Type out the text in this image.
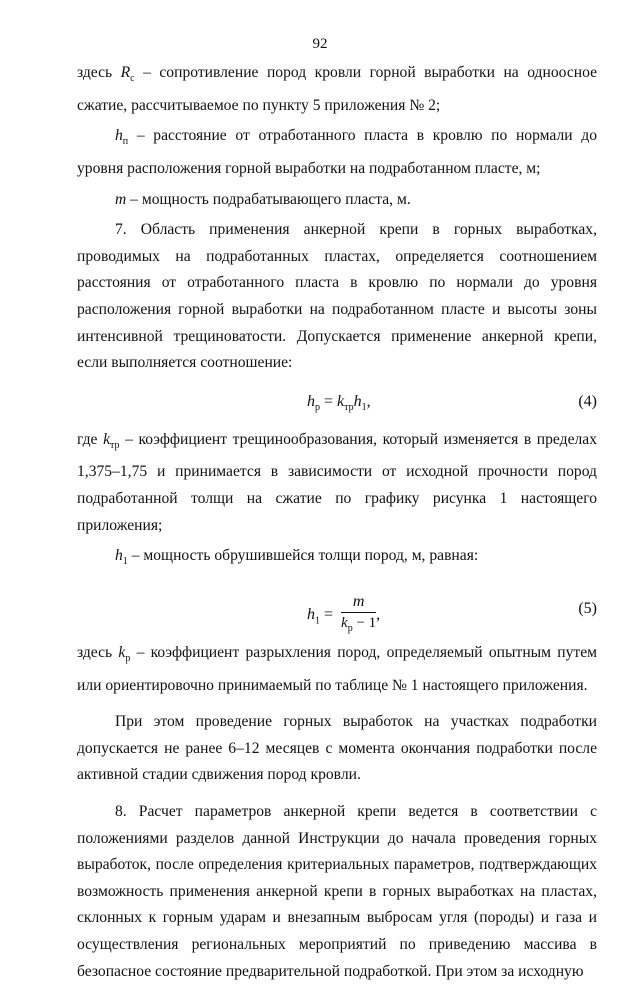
92

здесь $R_c$ – сопротивление пород кровли горной выработки на одноосное сжатие, рассчитываемое по пункту 5 приложения № 2;

$h_п$ – расстояние от отработанного пласта в кровлю по нормали до уровня расположения горной выработки на подработанном пласте, м;

m – мощность подрабатывающего пласта, м.

7. Область применения анкерной крепи в горных выработках, проводимых на подработанных пластах, определяется соотношением расстояния от отработанного пласта в кровлю по нормали до уровня расположения горной выработки на подработанном пласте и высоты зоны интенсивной трещиноватости. Допускается применение анкерной крепи, если выполняется соотношение:

$h_р = k_{тр}h_1$,	(4)

где $k_{тр}$ – коэффициент трещинообразования, который изменяется в пределах 1,375–1,75 и принимается в зависимости от исходной прочности пород подработанной толщи на сжатие по графику рисунка 1 настоящего приложения;

$h_1$ – мощность обрушившейся толщи пород, м, равная:

$h_1 = \frac{m}{k_р - 1}$ ,	(5)

здесь $k_р$ – коэффициент разрыхления пород, определяемый опытным путем или ориентировочно принимаемый по таблице № 1 настоящего приложения.

При этом проведение горных выработок на участках подработки допускается не ранее 6–12 месяцев с момента окончания подработки после активной стадии сдвижения пород кровли.

8. Расчет параметров анкерной крепи ведется в соответствии с положениями разделов данной Инструкции до начала проведения горных выработок, после определения критериальных параметров, подтверждающих возможность применения анкерной крепи в горных выработках на пластах, склонных к горным ударам и внезапным выбросам угля (породы) и газа и осуществления региональных мероприятий по приведению массива в безопасное состояние предварительной подработкой. При этом за исходную
